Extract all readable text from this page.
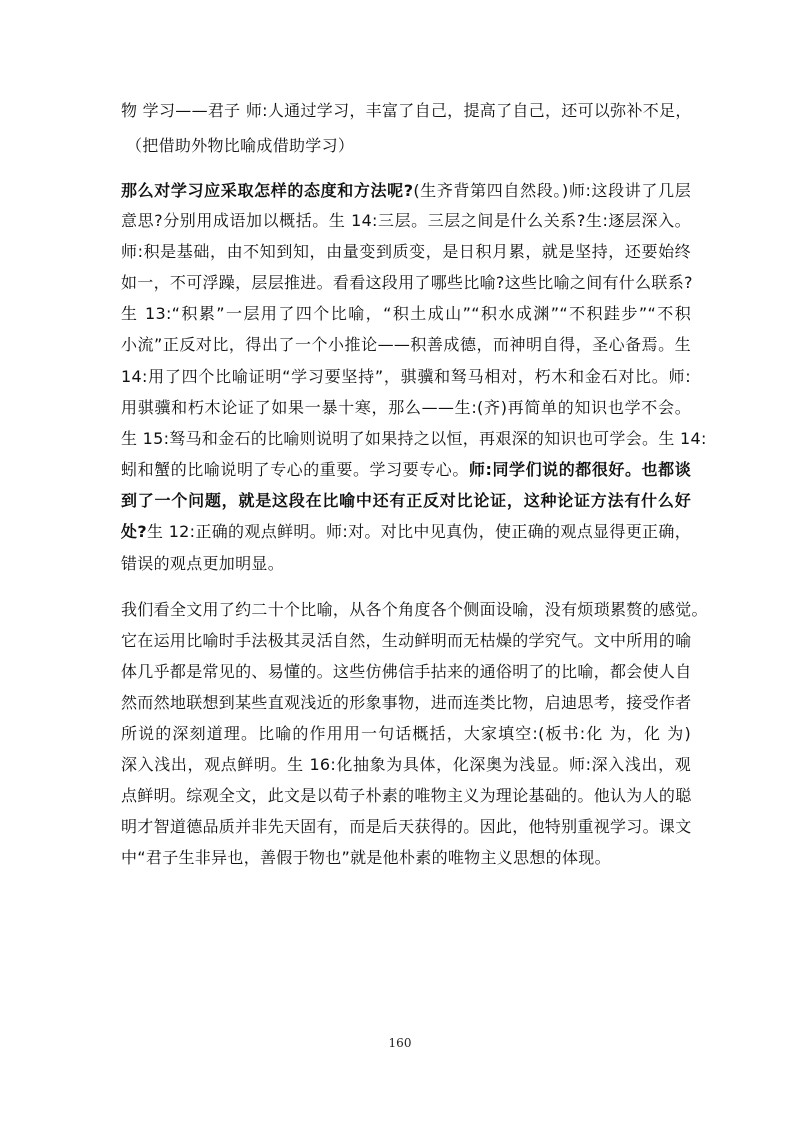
物 学习——君子 师:人通过学习，丰富了自己，提高了自己，还可以弥补不足，
（把借助外物比喻成借助学习）
那么对学习应采取怎样的态度和方法呢?(生齐背第四自然段。)师:这段讲了几层
意思?分别用成语加以概括。生 14:三层。三层之间是什么关系?生:逐层深入。
师:积是基础，由不知到知，由量变到质变，是日积月累，就是坚持，还要始终
如一，不可浮躁，层层推进。看看这段用了哪些比喻?这些比喻之间有什么联系?
生 13:“积累”一层用了四个比喻，“积土成山”“积水成渊”“不积跬步”“不积
小流”正反对比，得出了一个小推论——积善成德，而神明自得，圣心备焉。生
14:用了四个比喻证明“学习要坚持”，骐骥和驽马相对，朽木和金石对比。师:
用骐骥和朽木论证了如果一暴十寒，那么——生:(齐)再简单的知识也学不会。
生 15:驽马和金石的比喻则说明了如果持之以恒，再艰深的知识也可学会。生 14:
蚓和蟹的比喻说明了专心的重要。学习要专心。师:同学们说的都很好。也都谈
到了一个问题，就是这段在比喻中还有正反对比论证，这种论证方法有什么好
处?生 12:正确的观点鲜明。师:对。对比中见真伪，使正确的观点显得更正确，
错误的观点更加明显。
我们看全文用了约二十个比喻，从各个角度各个侧面设喻，没有烦琐累赘的感觉。
它在运用比喻时手法极其灵活自然，生动鲜明而无枯燥的学究气。文中所用的喻
体几乎都是常见的、易懂的。这些仿佛信手拈来的通俗明了的比喻，都会使人自
然而然地联想到某些直观浅近的形象事物，进而连类比物，启迪思考，接受作者
所说的深刻道理。比喻的作用用一句话概括，大家填空:(板书:化 为，化 为)
深入浅出，观点鲜明。生 16:化抽象为具体，化深奥为浅显。师:深入浅出，观
点鲜明。综观全文，此文是以荀子朴素的唯物主义为理论基础的。他认为人的聪
明才智道德品质并非先天固有，而是后天获得的。因此，他特别重视学习。课文
中“君子生非异也，善假于物也”就是他朴素的唯物主义思想的体现。
160
